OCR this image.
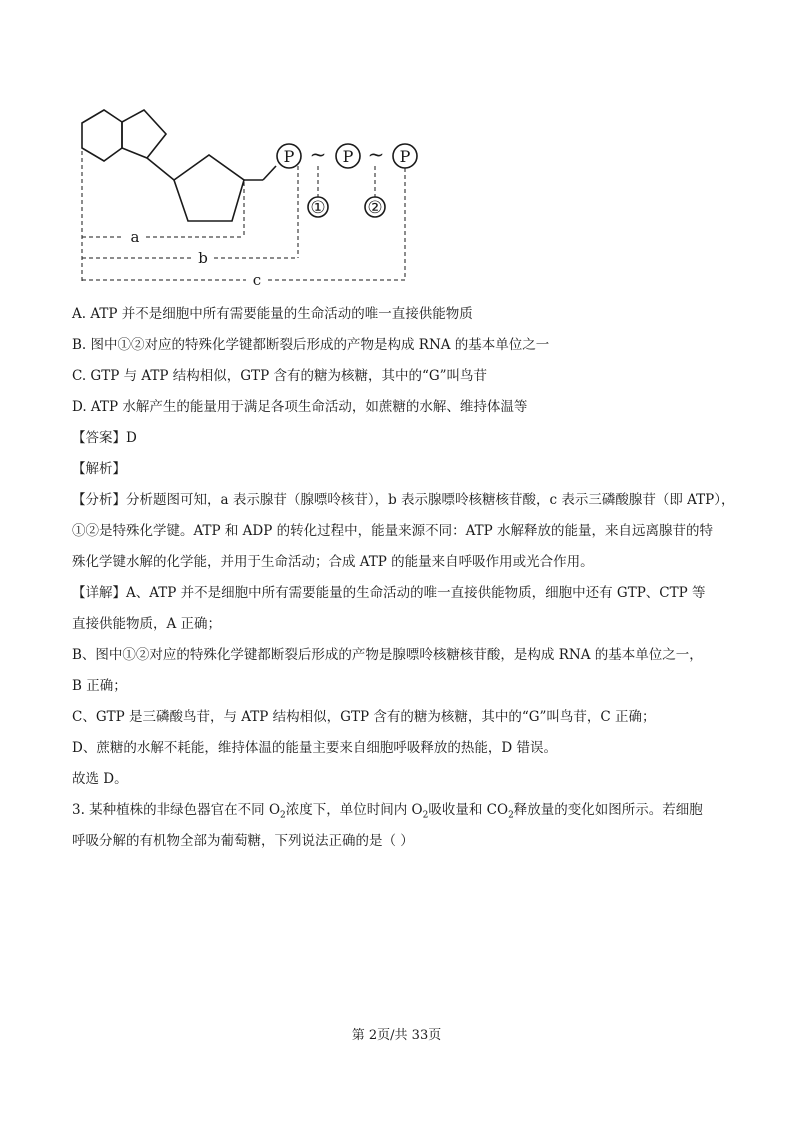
P	P	P
~ ~
① ②
a
b
c
A. ATP 并不是细胞中所有需要能量的生命活动的唯一直接供能物质
B. 图中①②对应的特殊化学键都断裂后形成的产物是构成 RNA 的基本单位之一
C. GTP 与 ATP 结构相似，GTP 含有的糖为核糖，其中的“G”叫鸟苷
D. ATP 水解产生的能量用于满足各项生命活动，如蔗糖的水解、维持体温等
【答案】D
【解析】
【分析】分析题图可知，a 表示腺苷（腺嘌呤核苷），b 表示腺嘌呤核糖核苷酸，c 表示三磷酸腺苷（即 ATP），
①②是特殊化学键。ATP 和 ADP 的转化过程中，能量来源不同：ATP 水解释放的能量，来自远离腺苷的特
殊化学键水解的化学能，并用于生命活动；合成 ATP 的能量来自呼吸作用或光合作用。
【详解】A、ATP 并不是细胞中所有需要能量的生命活动的唯一直接供能物质，细胞中还有 GTP、CTP 等
直接供能物质，A 正确；
B、图中①②对应的特殊化学键都断裂后形成的产物是腺嘌呤核糖核苷酸，是构成 RNA 的基本单位之一，
B 正确；
C、GTP 是三磷酸鸟苷，与 ATP 结构相似，GTP 含有的糖为核糖，其中的“G”叫鸟苷，C 正确；
D、蔗糖的水解不耗能，维持体温的能量主要来自细胞呼吸释放的热能，D 错误。
故选 D。
3. 某种植株的非绿色器官在不同 $O_2$浓度下，单位时间内 $O_2$吸收量和 $CO_2$释放量的变化如图所示。若细胞
呼吸分解的有机物全部为葡萄糖，下列说法正确的是（ ）
第 2页/共 33页
